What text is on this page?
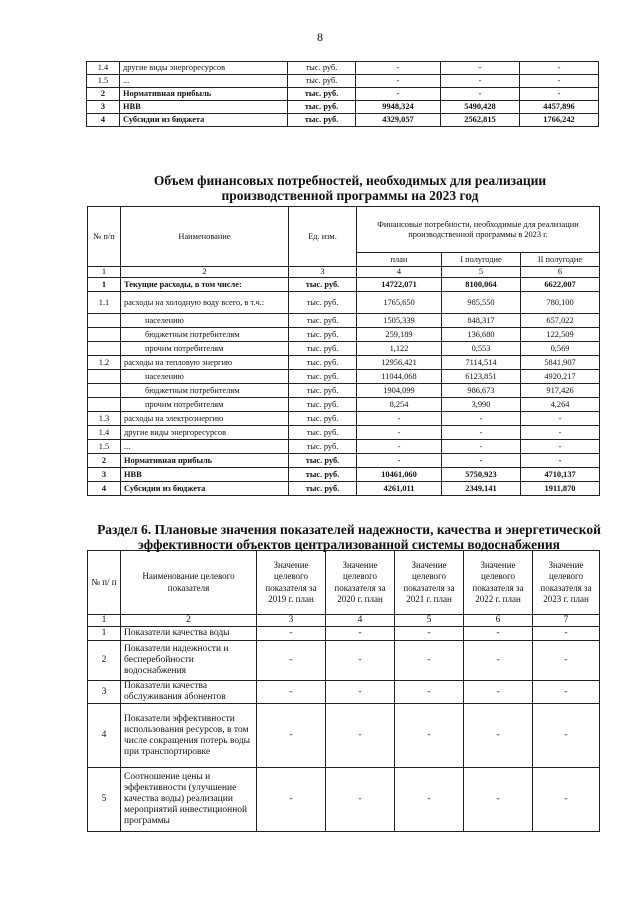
8
1.4	другие виды энергоресурсов	тыс. руб.	-	-	-
1.5	...	тыс. руб.	-	-	-
2	Нормативная прибыль	тыс. руб.	-	-	-
3	НВВ	тыс. руб.	9948,324	5490,428	4457,896
4	Субсидии из бюджета	тыс. руб.	4329,057	2562,815	1766,242
Объем финансовых потребностей, необходимых для реализации
производственной программы на 2023 год
№ п/п	Наименование	Ед. изм.	Финансовые потребности, необходимые для реализации производственной программы в 2023 г.		
			план	I полугодие	II полугодие
1	2	3	4	5	6
1	Текущие расходы, в том числе:	тыс. руб.	14722,071	8100,064	6622,007
1.1	расходы на холодную воду всего, в т.ч.:	тыс. руб.	1765,650	985,550	780,100
	населению	тыс. руб.	1505,339	848,317	657,022
	бюджетным потребителям	тыс. руб.	259,189	136,680	122,509
	прочим потребителям	тыс. руб.	1,122	0,553	0,569
1.2	расходы на тепловую энергию	тыс. руб.	12956,421	7114,514	5841,907
	населению	тыс. руб.	11044,068	6123,851	4920,217
	бюджетным потребителям	тыс. руб.	1904,099	986,673	917,426
	прочим потребителям	тыс. руб.	8,254	3,990	4,264
1.3	расходы на электроэнергию	тыс. руб.	-	-	-
1.4	другие виды энергоресурсов	тыс. руб.	-	-	-
1.5	...	тыс. руб.	-	-	-
2	Нормативная прибыль	тыс. руб.	-	-	-
3	НВВ	тыс. руб.	10461,060	5750,923	4710,137
4	Субсидии из бюджета	тыс. руб.	4261,011	2349,141	1911,870
Раздел 6. Плановые значения показателей надежности, качества и энергетической
эффективности объектов централизованной системы водоснабжения
№ п/ п	Наименование целевого показателя	Значение целевого показателя за 2019 г. план	Значение целевого показателя за 2020 г. план	Значение целевого показателя за 2021 г. план	Значение целевого показателя за 2022 г. план	Значение целевого показателя за 2023 г. план
1	2	3	4	5	6	7
1	Показатели качества воды	-	-	-	-	-
2	Показатели надежности и бесперебойности водоснабжения	-	-	-	-	-
3	Показатели качества обслуживания абонентов	-	-	-	-	-
4	Показатели эффективности использования ресурсов, в том числе сокращения потерь воды при транспортировке	-	-	-	-	-
5	Соотношение цены и эффективности (улучшение качества воды) реализации мероприятий инвестиционной программы	-	-	-	-	-
